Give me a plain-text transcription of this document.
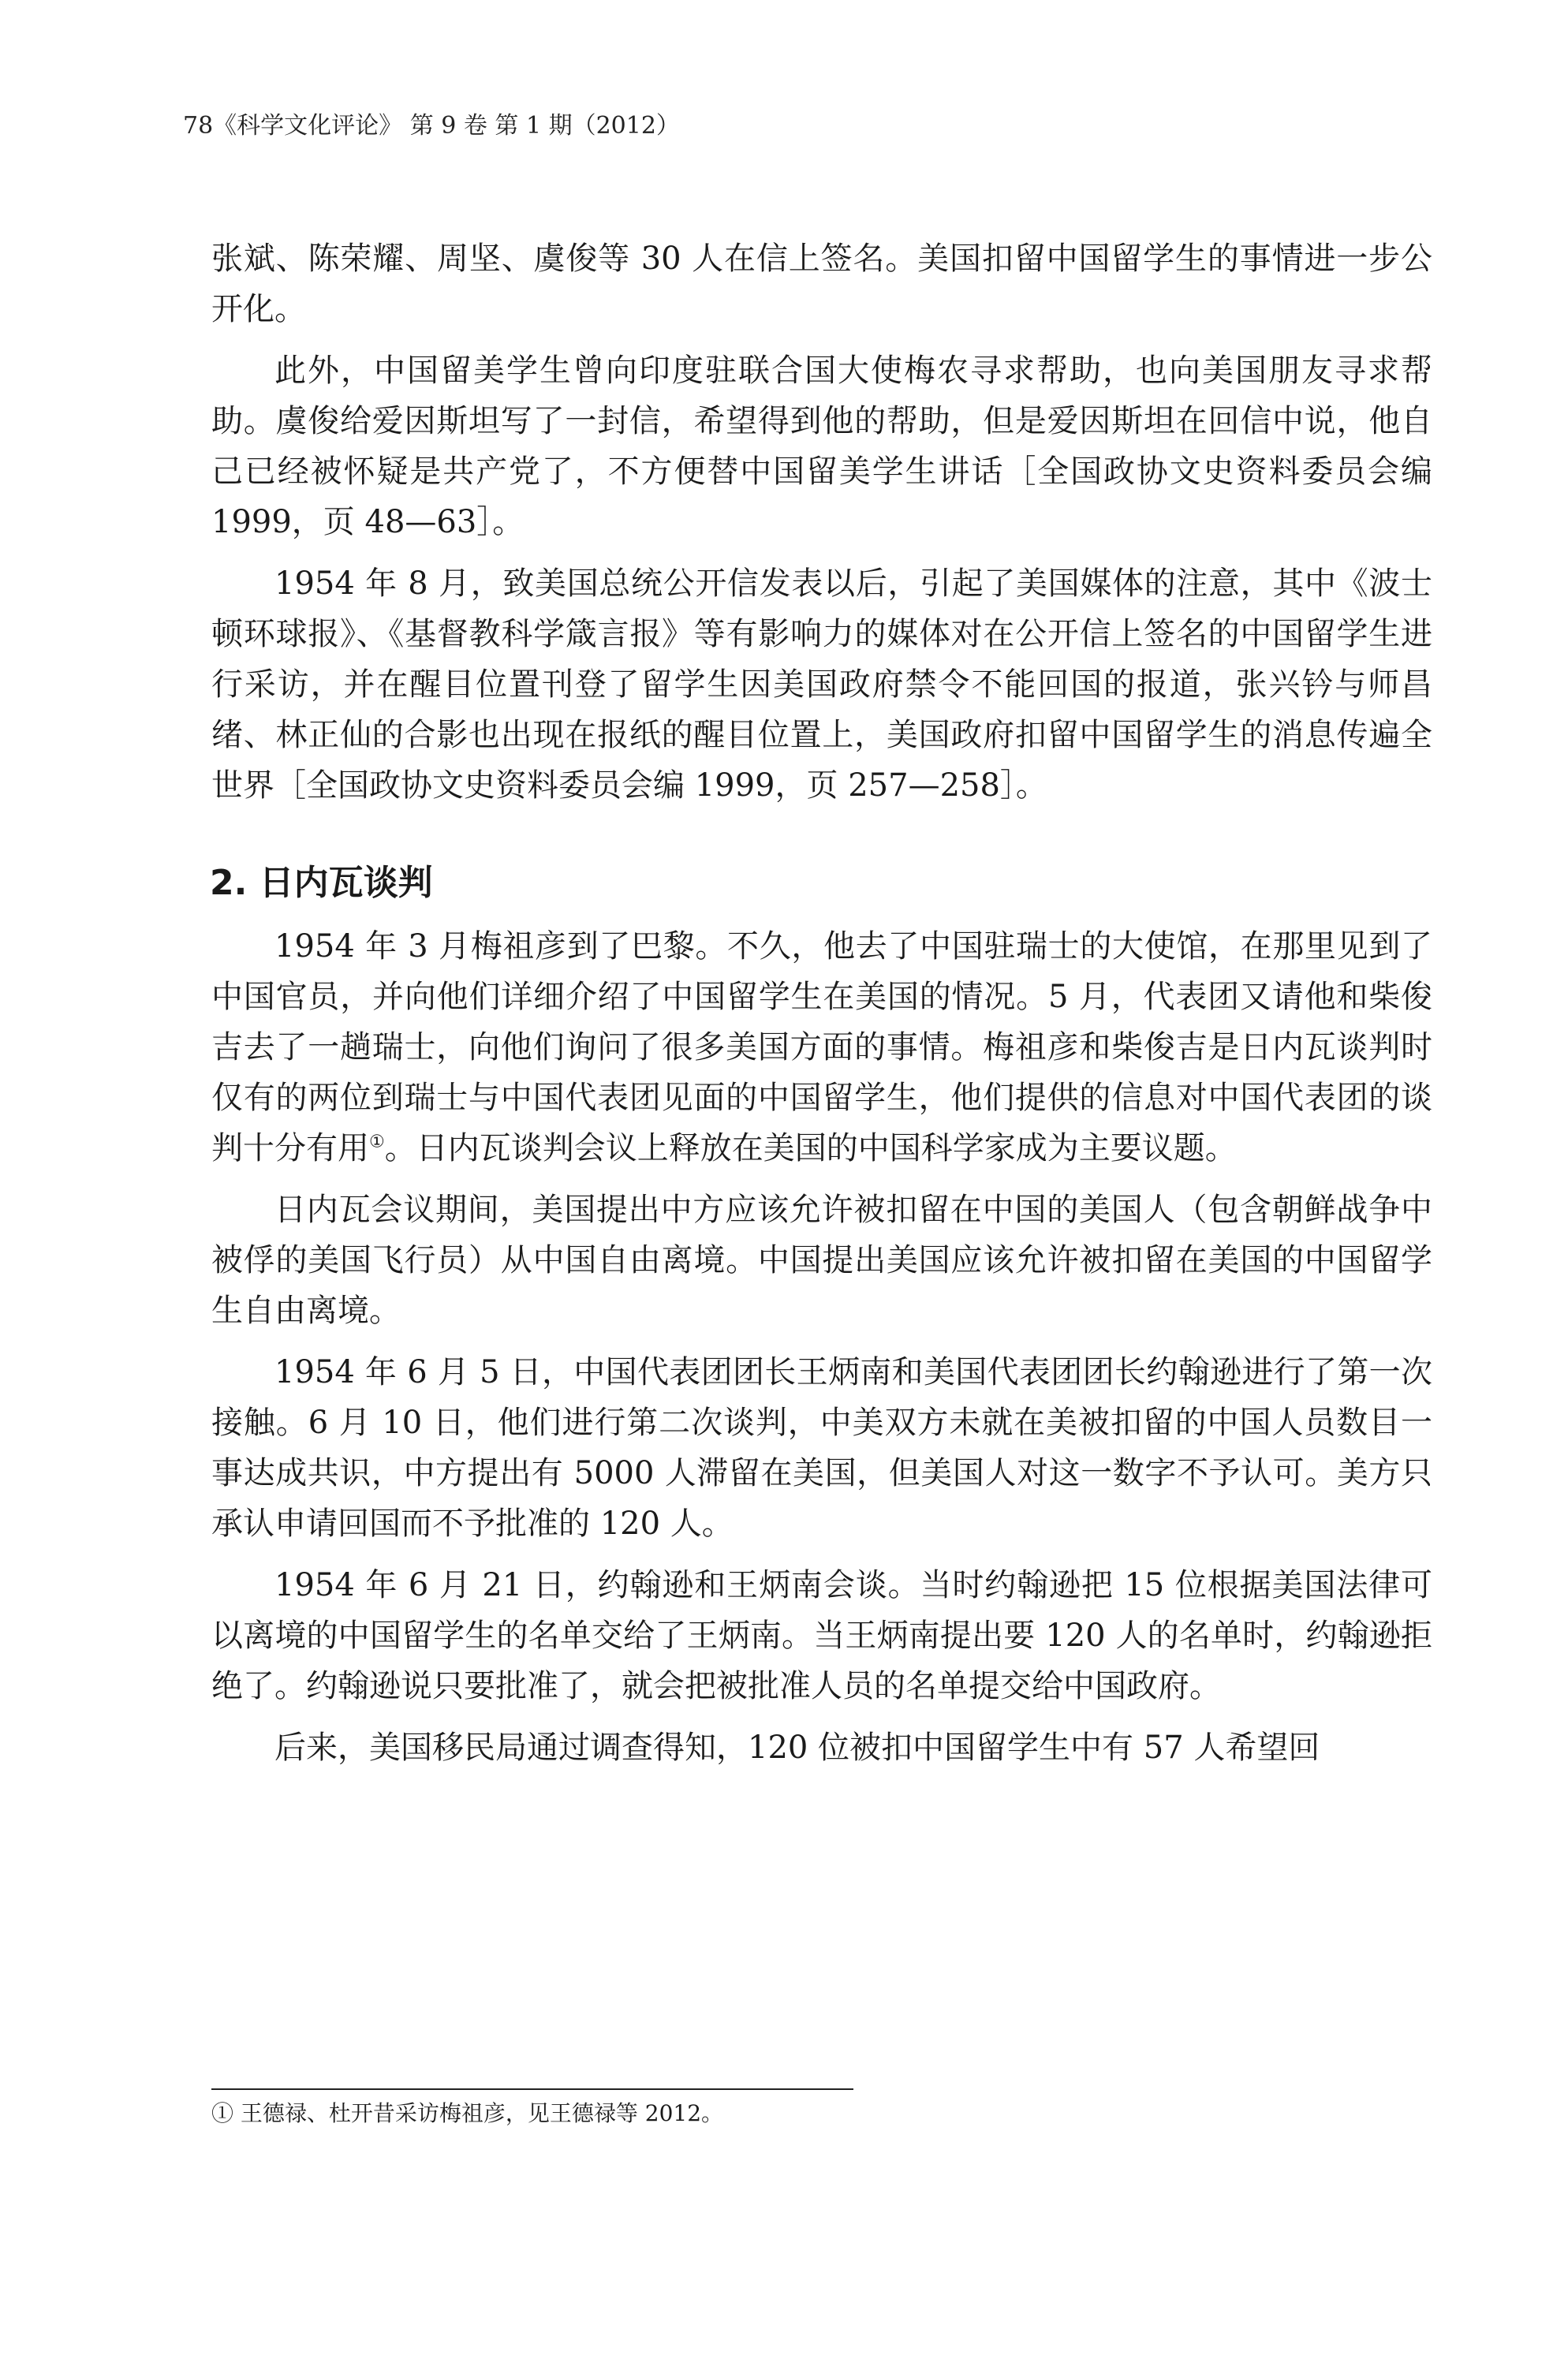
78《科学文化评论》 第 9 卷 第 1 期（2012）

张斌、陈荣耀、周坚、虞俊等 30 人在信上签名。美国扣留中国留学生的事情进一步公开化。

此外，中国留美学生曾向印度驻联合国大使梅农寻求帮助，也向美国朋友寻求帮助。虞俊给爱因斯坦写了一封信，希望得到他的帮助，但是爱因斯坦在回信中说，他自己已经被怀疑是共产党了，不方便替中国留美学生讲话［全国政协文史资料委员会编 1999，页 48—63］。

1954 年 8 月，致美国总统公开信发表以后，引起了美国媒体的注意，其中《波士顿环球报》、《基督教科学箴言报》等有影响力的媒体对在公开信上签名的中国留学生进行采访，并在醒目位置刊登了留学生因美国政府禁令不能回国的报道，张兴钤与师昌绪、林正仙的合影也出现在报纸的醒目位置上，美国政府扣留中国留学生的消息传遍全世界［全国政协文史资料委员会编 1999，页 257—258］。

2. 日内瓦谈判

1954 年 3 月梅祖彦到了巴黎。不久，他去了中国驻瑞士的大使馆，在那里见到了中国官员，并向他们详细介绍了中国留学生在美国的情况。5 月，代表团又请他和柴俊吉去了一趟瑞士，向他们询问了很多美国方面的事情。梅祖彦和柴俊吉是日内瓦谈判时仅有的两位到瑞士与中国代表团见面的中国留学生，他们提供的信息对中国代表团的谈判十分有用①。日内瓦谈判会议上释放在美国的中国科学家成为主要议题。

日内瓦会议期间，美国提出中方应该允许被扣留在中国的美国人（包含朝鲜战争中被俘的美国飞行员）从中国自由离境。中国提出美国应该允许被扣留在美国的中国留学生自由离境。

1954 年 6 月 5 日，中国代表团团长王炳南和美国代表团团长约翰逊进行了第一次接触。6 月 10 日，他们进行第二次谈判，中美双方未就在美被扣留的中国人员数目一事达成共识，中方提出有 5000 人滞留在美国，但美国人对这一数字不予认可。美方只承认申请回国而不予批准的 120 人。

1954 年 6 月 21 日，约翰逊和王炳南会谈。当时约翰逊把 15 位根据美国法律可以离境的中国留学生的名单交给了王炳南。当王炳南提出要 120 人的名单时，约翰逊拒绝了。约翰逊说只要批准了，就会把被批准人员的名单提交给中国政府。

后来，美国移民局通过调查得知，120 位被扣中国留学生中有 57 人希望回

① 王德禄、杜开昔采访梅祖彦，见王德禄等 2012。
